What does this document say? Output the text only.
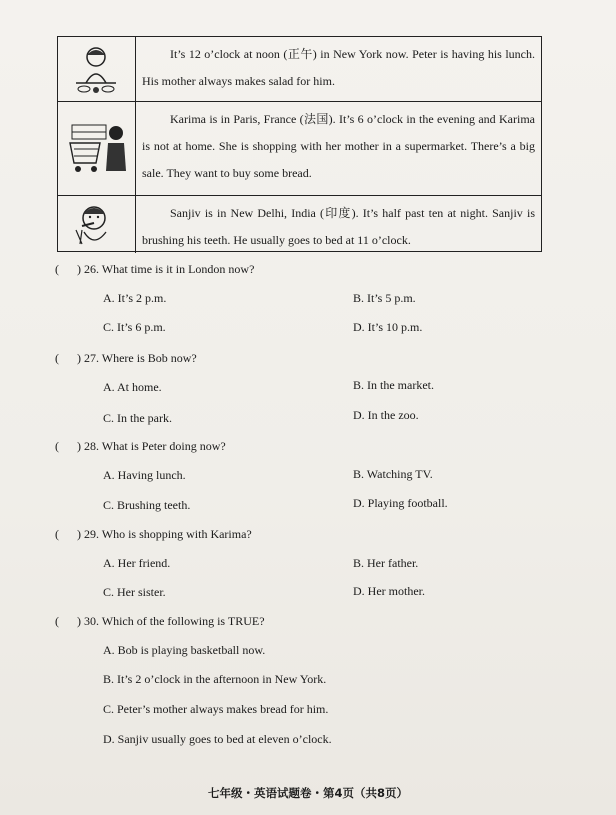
It’s 12 o’clock at noon (正午) in New York now. Peter is having his lunch. His mother always makes salad for him.
Karima is in Paris, France (法国). It’s 6 o’clock in the evening and Karima is not at home. She is shopping with her mother in a supermarket. There’s a big sale. They want to buy some bread.
Sanjiv is in New Delhi, India (印度). It’s half past ten at night. Sanjiv is brushing his teeth. He usually goes to bed at 11 o’clock.
(      ) 26. What time is it in London now?
A. It’s 2 p.m.	B. It’s 5 p.m.
C. It’s 6 p.m.	D. It’s 10 p.m.
(      ) 27. Where is Bob now?
A. At home.	B. In the market.
C. In the park.	D. In the zoo.
(      ) 28. What is Peter doing now?
A. Having lunch.	B. Watching TV.
C. Brushing teeth.	D. Playing football.
(      ) 29. Who is shopping with Karima?
A. Her friend.	B. Her father.
C. Her sister.	D. Her mother.
(      ) 30. Which of the following is TRUE?
A. Bob is playing basketball now.
B. It’s 2 o’clock in the afternoon in New York.
C. Peter’s mother always makes bread for him.
D. Sanjiv usually goes to bed at eleven o’clock.
七年级・英语试题卷・第4页（共8页）
